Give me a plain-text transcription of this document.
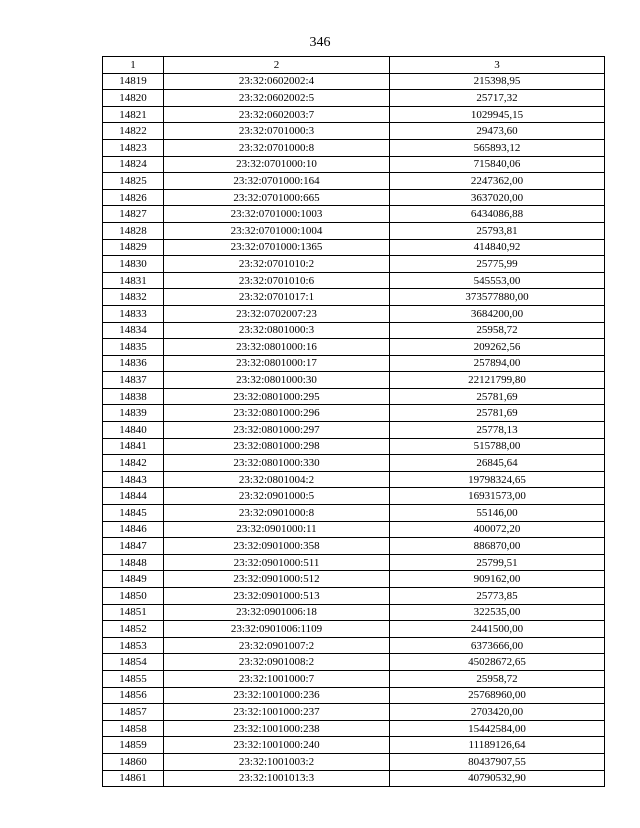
346
1	2	3
14819	23:32:0602002:4	215398,95
14820	23:32:0602002:5	25717,32
14821	23:32:0602003:7	1029945,15
14822	23:32:0701000:3	29473,60
14823	23:32:0701000:8	565893,12
14824	23:32:0701000:10	715840,06
14825	23:32:0701000:164	2247362,00
14826	23:32:0701000:665	3637020,00
14827	23:32:0701000:1003	6434086,88
14828	23:32:0701000:1004	25793,81
14829	23:32:0701000:1365	414840,92
14830	23:32:0701010:2	25775,99
14831	23:32:0701010:6	545553,00
14832	23:32:0701017:1	373577880,00
14833	23:32:0702007:23	3684200,00
14834	23:32:0801000:3	25958,72
14835	23:32:0801000:16	209262,56
14836	23:32:0801000:17	257894,00
14837	23:32:0801000:30	22121799,80
14838	23:32:0801000:295	25781,69
14839	23:32:0801000:296	25781,69
14840	23:32:0801000:297	25778,13
14841	23:32:0801000:298	515788,00
14842	23:32:0801000:330	26845,64
14843	23:32:0801004:2	19798324,65
14844	23:32:0901000:5	16931573,00
14845	23:32:0901000:8	55146,00
14846	23:32:0901000:11	400072,20
14847	23:32:0901000:358	886870,00
14848	23:32:0901000:511	25799,51
14849	23:32:0901000:512	909162,00
14850	23:32:0901000:513	25773,85
14851	23:32:0901006:18	322535,00
14852	23:32:0901006:1109	2441500,00
14853	23:32:0901007:2	6373666,00
14854	23:32:0901008:2	45028672,65
14855	23:32:1001000:7	25958,72
14856	23:32:1001000:236	25768960,00
14857	23:32:1001000:237	2703420,00
14858	23:32:1001000:238	15442584,00
14859	23:32:1001000:240	11189126,64
14860	23:32:1001003:2	80437907,55
14861	23:32:1001013:3	40790532,90
